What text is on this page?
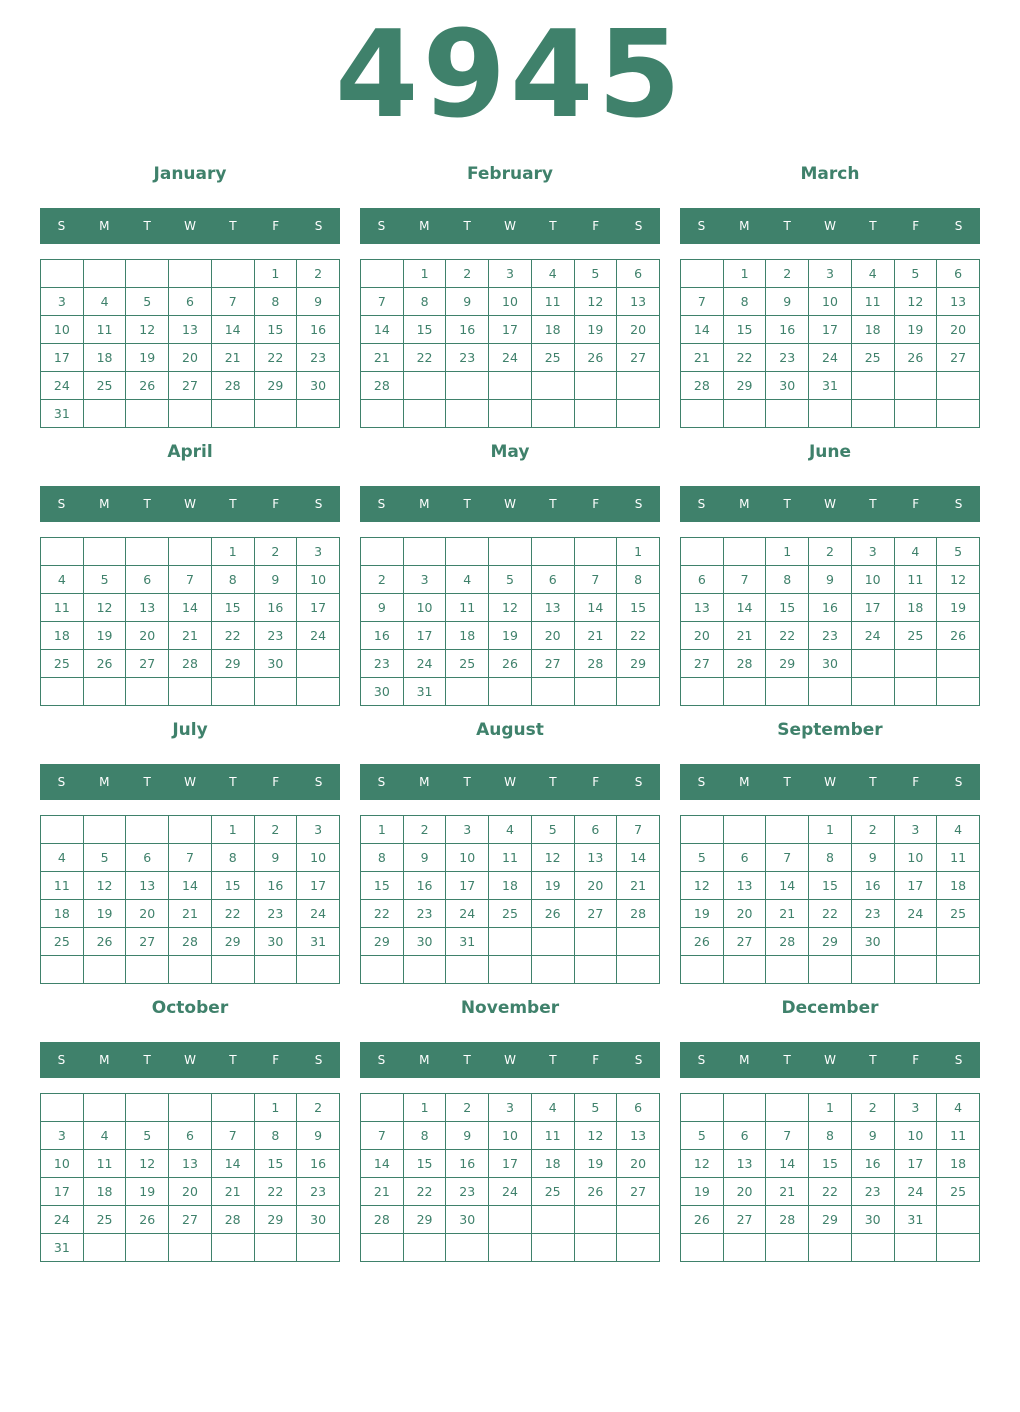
4945
January
S	M	T	W	T	F	S
					1	2
3	4	5	6	7	8	9
10	11	12	13	14	15	16
17	18	19	20	21	22	23
24	25	26	27	28	29	30
31						
February
S	M	T	W	T	F	S
	1	2	3	4	5	6
7	8	9	10	11	12	13
14	15	16	17	18	19	20
21	22	23	24	25	26	27
28						

March
S	M	T	W	T	F	S
	1	2	3	4	5	6
7	8	9	10	11	12	13
14	15	16	17	18	19	20
21	22	23	24	25	26	27
28	29	30	31			

April
S	M	T	W	T	F	S
				1	2	3
4	5	6	7	8	9	10
11	12	13	14	15	16	17
18	19	20	21	22	23	24
25	26	27	28	29	30	

May
S	M	T	W	T	F	S
						1
2	3	4	5	6	7	8
9	10	11	12	13	14	15
16	17	18	19	20	21	22
23	24	25	26	27	28	29
30	31					
June
S	M	T	W	T	F	S
		1	2	3	4	5
6	7	8	9	10	11	12
13	14	15	16	17	18	19
20	21	22	23	24	25	26
27	28	29	30			

July
S	M	T	W	T	F	S
				1	2	3
4	5	6	7	8	9	10
11	12	13	14	15	16	17
18	19	20	21	22	23	24
25	26	27	28	29	30	31

August
S	M	T	W	T	F	S
1	2	3	4	5	6	7
8	9	10	11	12	13	14
15	16	17	18	19	20	21
22	23	24	25	26	27	28
29	30	31				

September
S	M	T	W	T	F	S
			1	2	3	4
5	6	7	8	9	10	11
12	13	14	15	16	17	18
19	20	21	22	23	24	25
26	27	28	29	30		

October
S	M	T	W	T	F	S
					1	2
3	4	5	6	7	8	9
10	11	12	13	14	15	16
17	18	19	20	21	22	23
24	25	26	27	28	29	30
31						
November
S	M	T	W	T	F	S
	1	2	3	4	5	6
7	8	9	10	11	12	13
14	15	16	17	18	19	20
21	22	23	24	25	26	27
28	29	30				

December
S	M	T	W	T	F	S
			1	2	3	4
5	6	7	8	9	10	11
12	13	14	15	16	17	18
19	20	21	22	23	24	25
26	27	28	29	30	31	
